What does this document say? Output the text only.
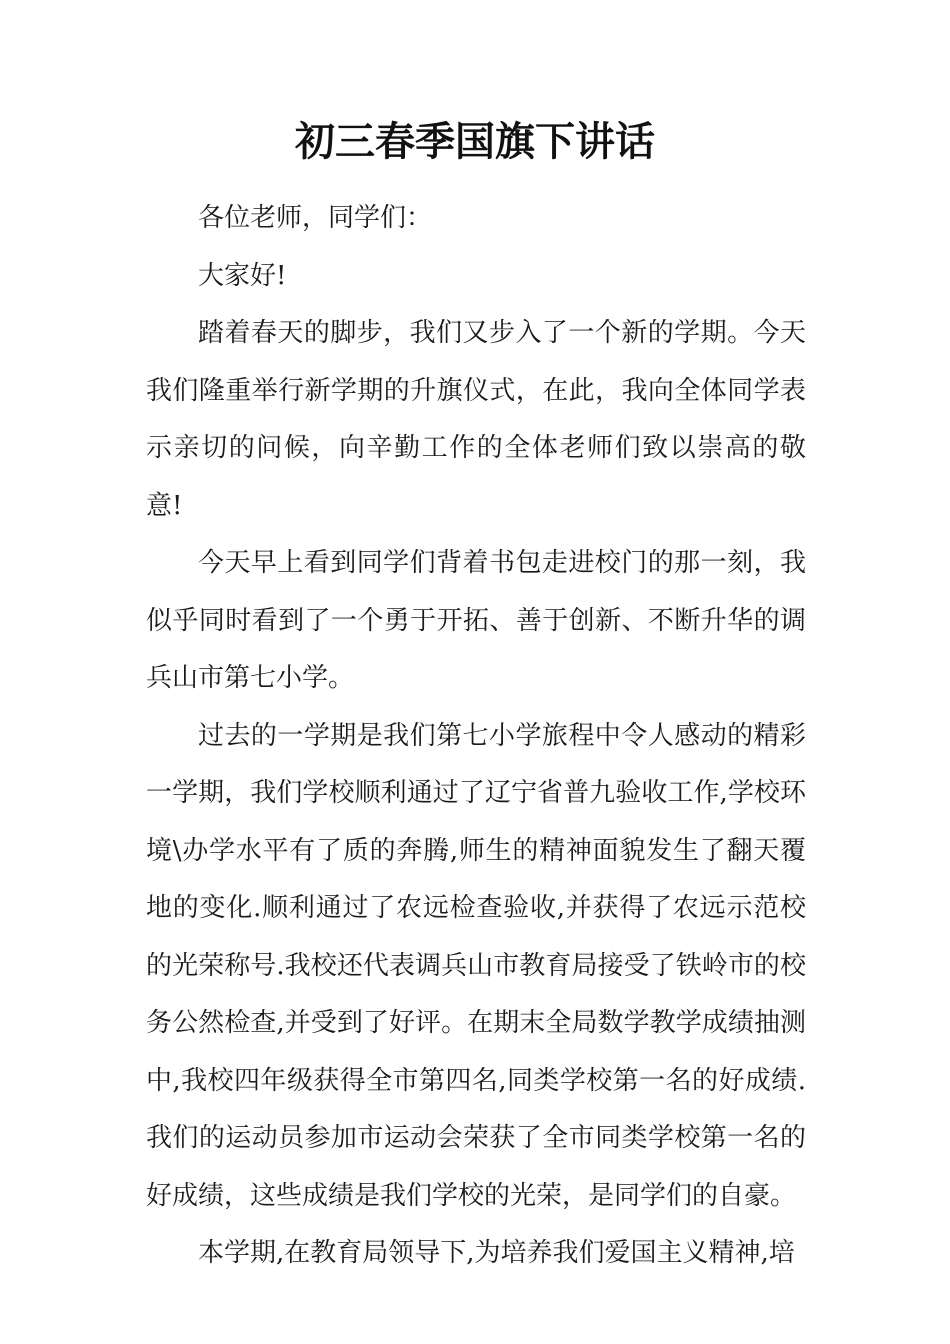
初三春季国旗下讲话

各位老师，同学们：

大家好!

踏着春天的脚步，我们又步入了一个新的学期。今天我们隆重举行新学期的升旗仪式，在此，我向全体同学表示亲切的问候，向辛勤工作的全体老师们致以崇高的敬意!

今天早上看到同学们背着书包走进校门的那一刻，我似乎同时看到了一个勇于开拓、善于创新、不断升华的调兵山市第七小学。

过去的一学期是我们第七小学旅程中令人感动的精彩一学期，我们学校顺利通过了辽宁省普九验收工作,学校环境\办学水平有了质的奔腾,师生的精神面貌发生了翻天覆地的变化.顺利通过了农远检查验收,并获得了农远示范校的光荣称号.我校还代表调兵山市教育局接受了铁岭市的校务公然检查,并受到了好评。在期末全局数学教学成绩抽测中,我校四年级获得全市第四名,同类学校第一名的好成绩.我们的运动员参加市运动会荣获了全市同类学校第一名的好成绩，这些成绩是我们学校的光荣，是同学们的自豪。

本学期,在教育局领导下,为培养我们爱国主义精神,培
